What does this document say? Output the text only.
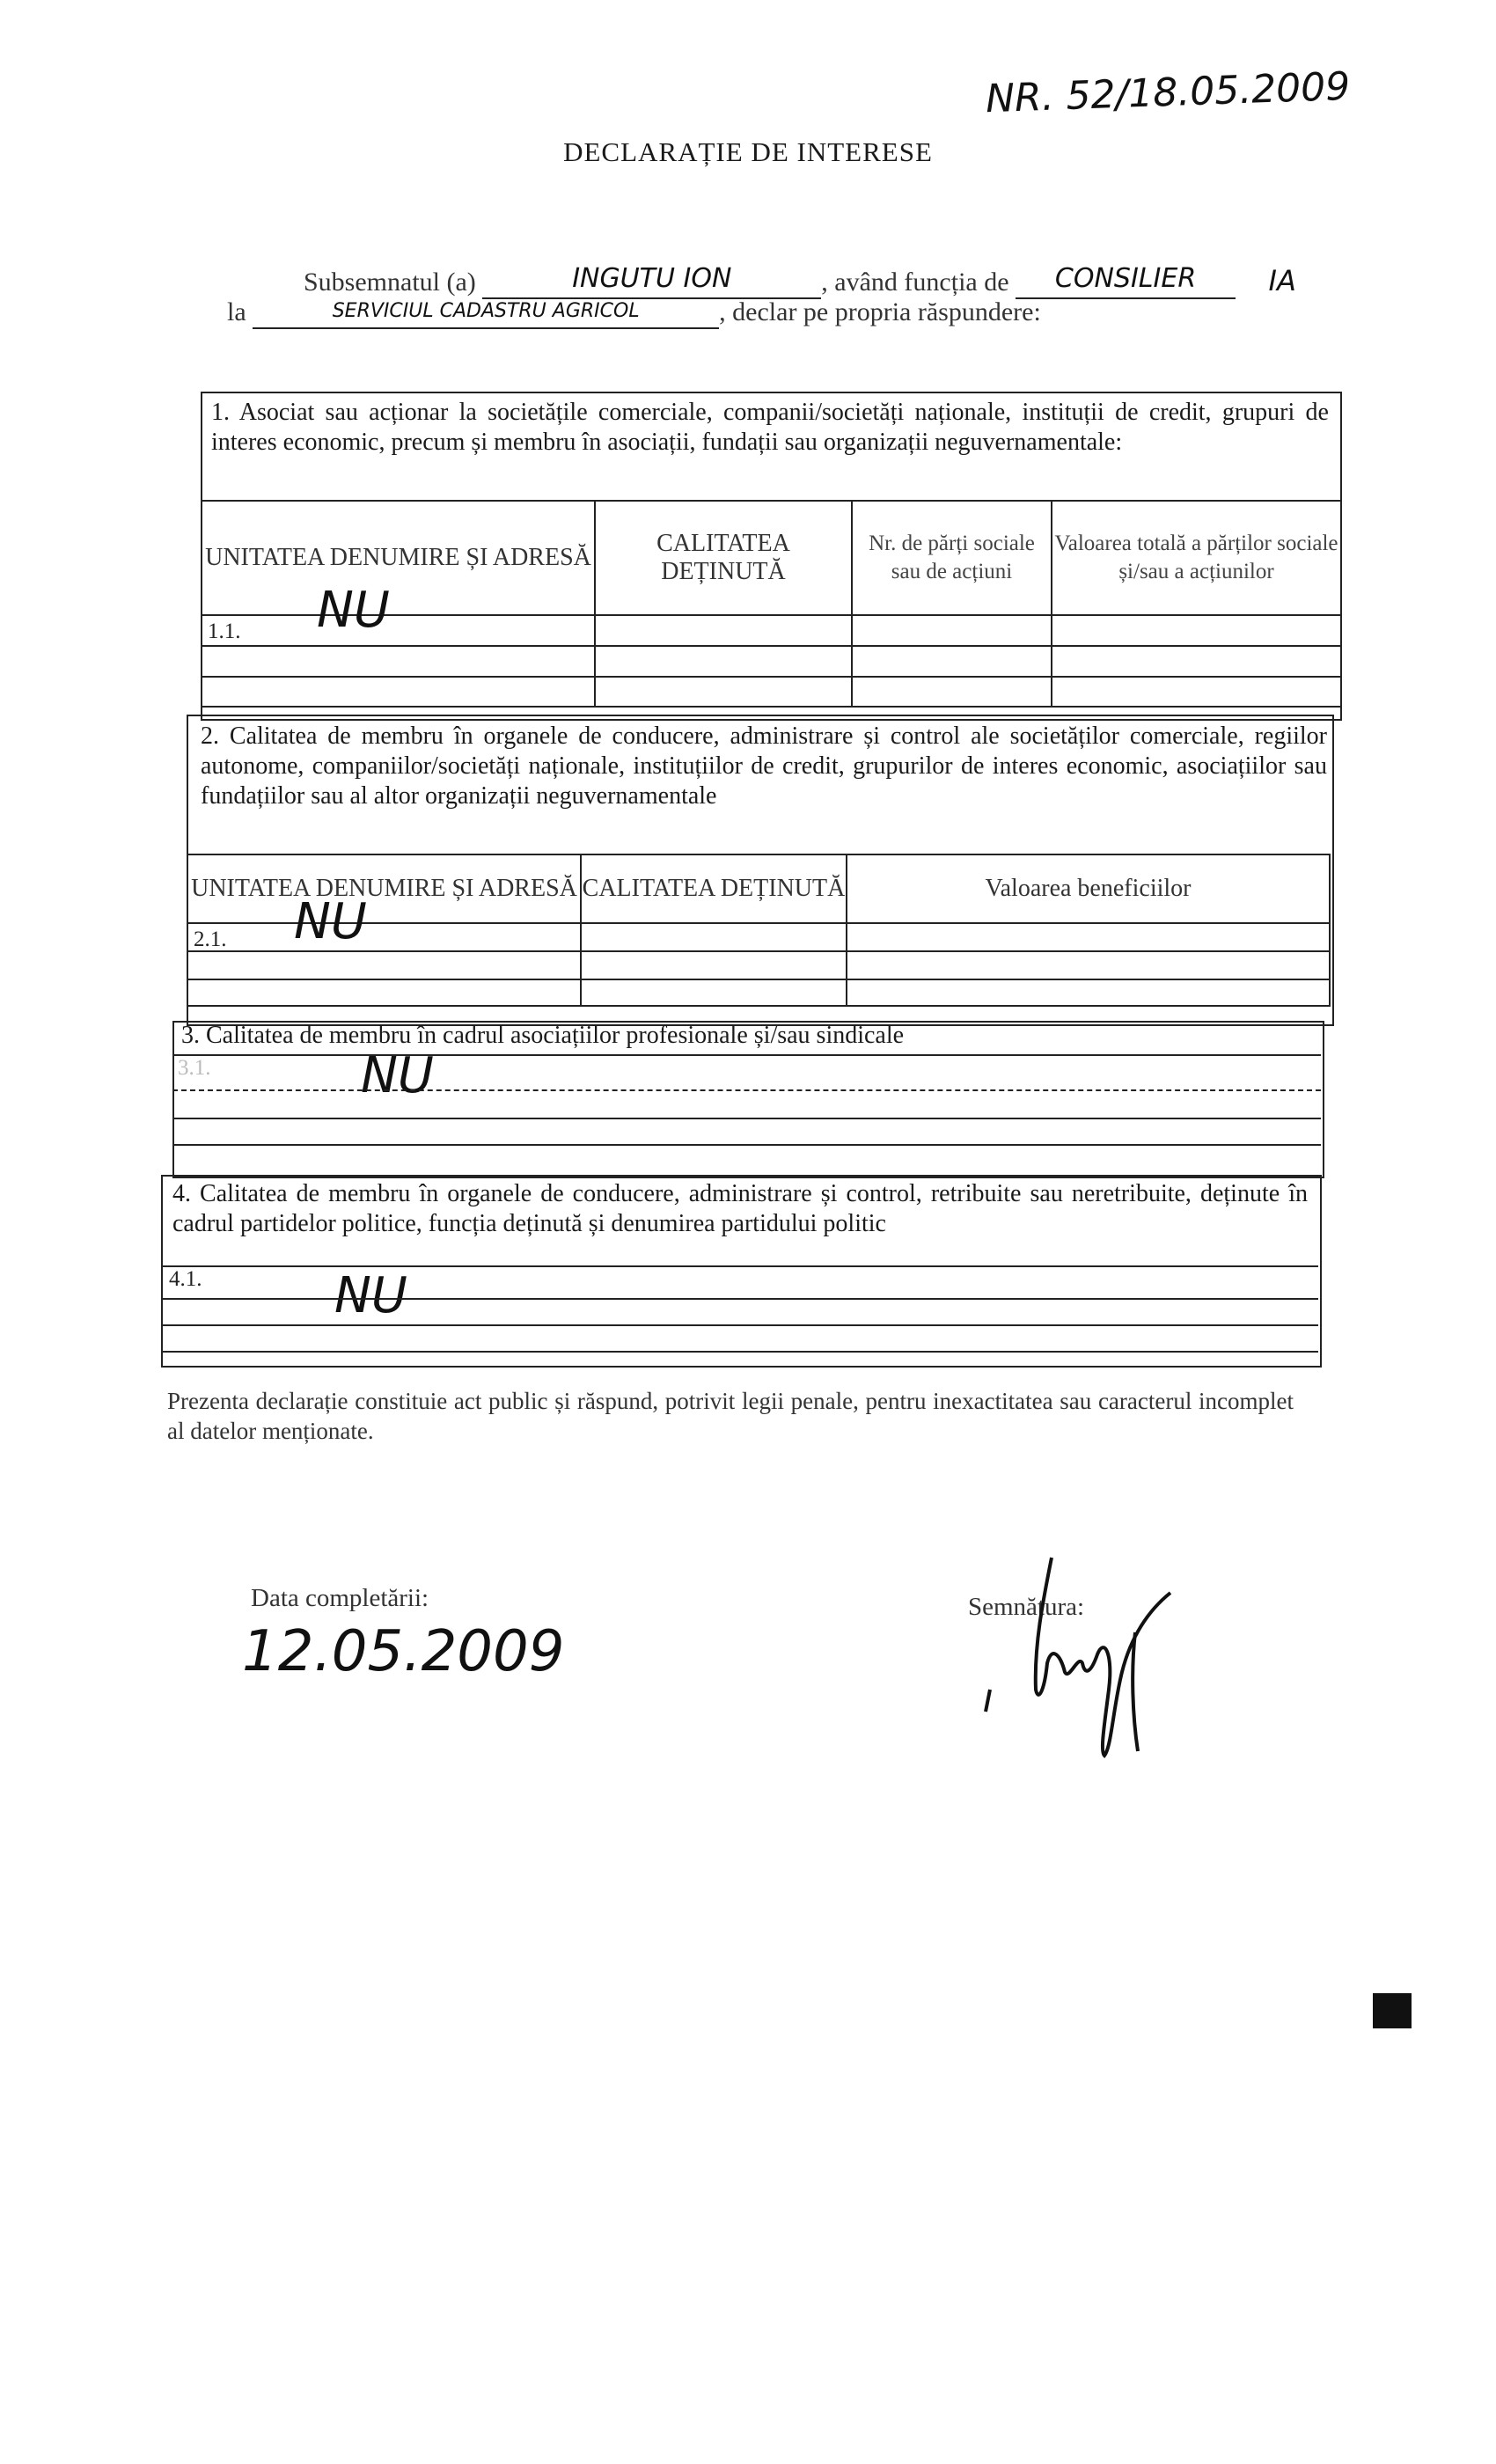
NR. 52/18.05.2009
DECLARAȚIE DE INTERESE
Subsemnatul (a)	INGUTU ION	, având funcția de CONSILIER	IA
la	SERVICIUL CADASTRU AGRICOL	, declar pe propria răspundere:
1. Asociat sau acționar la societățile comerciale, companii/societăți naționale, instituții de credit, grupuri de interes economic, precum și membru în asociații, fundații sau organizații neguvernamentale:
UNITATEA DENUMIRE ȘI ADRESĂ	CALITATEA DEȚINUTĂ	Nr. de părți sociale sau de acțiuni	Valoarea totală a părților sociale și/sau a acțiunilor

1.1. NU			

2. Calitatea de membru în organele de conducere, administrare și control ale societăților comerciale, regiilor autonome, companiilor/societăți naționale, instituțiilor de credit, grupurilor de interes economic, asociațiilor sau fundațiilor sau al altor organizații neguvernamentale
UNITATEA DENUMIRE ȘI ADRESĂ	CALITATEA DEȚINUTĂ	Valoarea beneficiilor

2.1. NU		

3. Calitatea de membru în cadrul asociațiilor profesionale și/sau sindicale
3.1.	NU
4. Calitatea de membru în organele de conducere, administrare și control, retribuite sau neretribuite, deținute în cadrul partidelor politice, funcția deținută și denumirea partidului politic
4.1.	NU
Prezenta declarație constituie act public și răspund, potrivit legii penale, pentru inexactitatea sau caracterul incomplet al datelor menționate.
Data completării:
12.05.2009
Semnătura:
